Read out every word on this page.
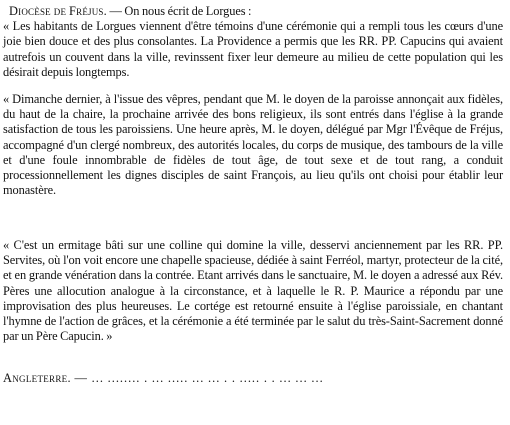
Diocèse de Fréjus. — On nous écrit de Lorgues :
« Les habitants de Lorgues viennent d'être témoins d'une cérémonie qui a rempli tous les cœurs d'une joie bien douce et des plus consolantes. La Providence a permis que les RR. PP. Capucins qui avaient autrefois un couvent dans la ville, revinssent fixer leur demeure au milieu de cette population qui les désirait depuis longtemps.

« Dimanche dernier, à l'issue des vêpres, pendant que M. le doyen de la paroisse annonçait aux fidèles, du haut de la chaire, la prochaine arrivée des bons religieux, ils sont entrés dans l'église à la grande satisfaction de tous les paroissiens. Une heure après, M. le doyen, délégué par Mgr l'Évêque de Fréjus, accompagné d'un clergé nombreux, des autorités locales, du corps de musique, des tambours de la ville et d'une foule innombrable de fidèles de tout âge, de tout sexe et de tout rang, a conduit processionnellement les dignes disciples de saint François, au lieu qu'ils ont choisi pour établir leur monastère.

« C'est un ermitage bâti sur une colline qui domine la ville, desservi anciennement par les RR. PP. Servites, où l'on voit encore une chapelle spacieuse, dédiée à saint Ferréol, martyr, protecteur de la cité, et en grande vénération dans la contrée. Etant arrivés dans le sanctuaire, M. le doyen a adressé aux Rév. Pères une allocution analogue à la circonstance, et à laquelle le R. P. Maurice a répondu par une improvisation des plus heureuses. Le cortége est retourné ensuite à l'église paroissiale, en chantant l'hymne de l'action de grâces, et la cérémonie a été terminée par le salut du très-Saint-Sacrement donné par un Père Capucin. »

Angleterre. — ... ........ . ... ..... ... ... . . ..... . . ... ... ...
